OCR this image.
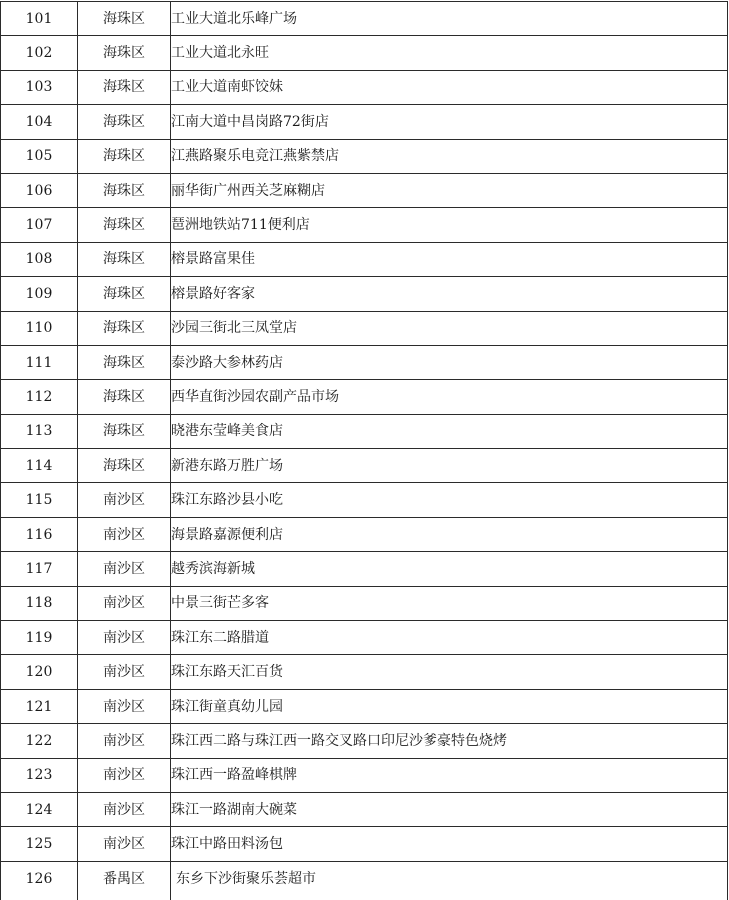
101	海珠区	工业大道北乐峰广场
102	海珠区	工业大道北永旺
103	海珠区	工业大道南虾饺妹
104	海珠区	江南大道中昌岗路72街店
105	海珠区	江燕路聚乐电竞江燕紫禁店
106	海珠区	丽华街广州西关芝麻糊店
107	海珠区	琶洲地铁站711便利店
108	海珠区	榕景路富果佳
109	海珠区	榕景路好客家
110	海珠区	沙园三街北三凤堂店
111	海珠区	泰沙路大参林药店
112	海珠区	西华直街沙园农副产品市场
113	海珠区	晓港东莹峰美食店
114	海珠区	新港东路万胜广场
115	南沙区	珠江东路沙县小吃
116	南沙区	海景路嘉源便利店
117	南沙区	越秀滨海新城
118	南沙区	中景三街芒多客
119	南沙区	珠江东二路腊道
120	南沙区	珠江东路天汇百货
121	南沙区	珠江街童真幼儿园
122	南沙区	珠江西二路与珠江西一路交叉路口印尼沙爹豪特色烧烤
123	南沙区	珠江西一路盈峰棋牌
124	南沙区	珠江一路湖南大碗菜
125	南沙区	珠江中路田料汤包
126	番禺区	东乡下沙街聚乐荟超市
